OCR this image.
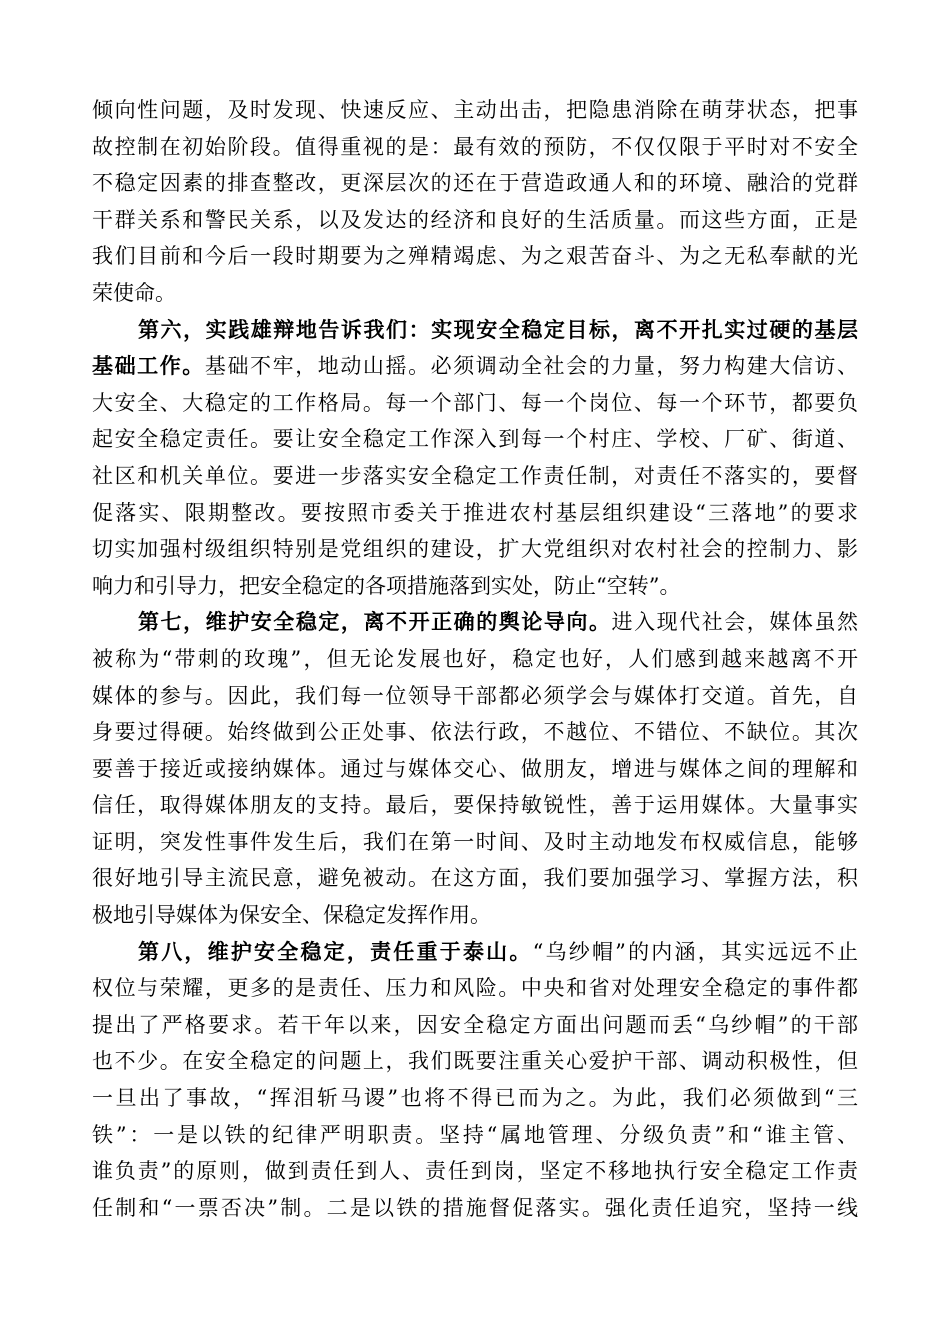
倾向性问题，及时发现、快速反应、主动出击，把隐患消除在萌芽状态，把事
故控制在初始阶段。值得重视的是：最有效的预防，不仅仅限于平时对不安全
不稳定因素的排查整改，更深层次的还在于营造政通人和的环境、融洽的党群
干群关系和警民关系，以及发达的经济和良好的生活质量。而这些方面，正是
我们目前和今后一段时期要为之殚精竭虑、为之艰苦奋斗、为之无私奉献的光
荣使命。
第六，实践雄辩地告诉我们：实现安全稳定目标，离不开扎实过硬的基层
基础工作。基础不牢，地动山摇。必须调动全社会的力量，努力构建大信访、
大安全、大稳定的工作格局。每一个部门、每一个岗位、每一个环节，都要负
起安全稳定责任。要让安全稳定工作深入到每一个村庄、学校、厂矿、街道、
社区和机关单位。要进一步落实安全稳定工作责任制，对责任不落实的，要督
促落实、限期整改。要按照市委关于推进农村基层组织建设“三落地”的要求
切实加强村级组织特别是党组织的建设，扩大党组织对农村社会的控制力、影
响力和引导力，把安全稳定的各项措施落到实处，防止“空转”。
第七，维护安全稳定，离不开正确的舆论导向。进入现代社会，媒体虽然
被称为“带刺的玫瑰”，但无论发展也好，稳定也好，人们感到越来越离不开
媒体的参与。因此，我们每一位领导干部都必须学会与媒体打交道。首先，自
身要过得硬。始终做到公正处事、依法行政，不越位、不错位、不缺位。其次
要善于接近或接纳媒体。通过与媒体交心、做朋友，增进与媒体之间的理解和
信任，取得媒体朋友的支持。最后，要保持敏锐性，善于运用媒体。大量事实
证明，突发性事件发生后，我们在第一时间、及时主动地发布权威信息，能够
很好地引导主流民意，避免被动。在这方面，我们要加强学习、掌握方法，积
极地引导媒体为保安全、保稳定发挥作用。
第八，维护安全稳定，责任重于泰山。“乌纱帽”的内涵，其实远远不止
权位与荣耀，更多的是责任、压力和风险。中央和省对处理安全稳定的事件都
提出了严格要求。若干年以来，因安全稳定方面出问题而丢“乌纱帽”的干部
也不少。在安全稳定的问题上，我们既要注重关心爱护干部、调动积极性，但
一旦出了事故，“挥泪斩马谡”也将不得已而为之。为此，我们必须做到“三
铁”：一是以铁的纪律严明职责。坚持“属地管理、分级负责”和“谁主管、
谁负责”的原则，做到责任到人、责任到岗，坚定不移地执行安全稳定工作责
任制和“一票否决”制。二是以铁的措施督促落实。强化责任追究，坚持一线
